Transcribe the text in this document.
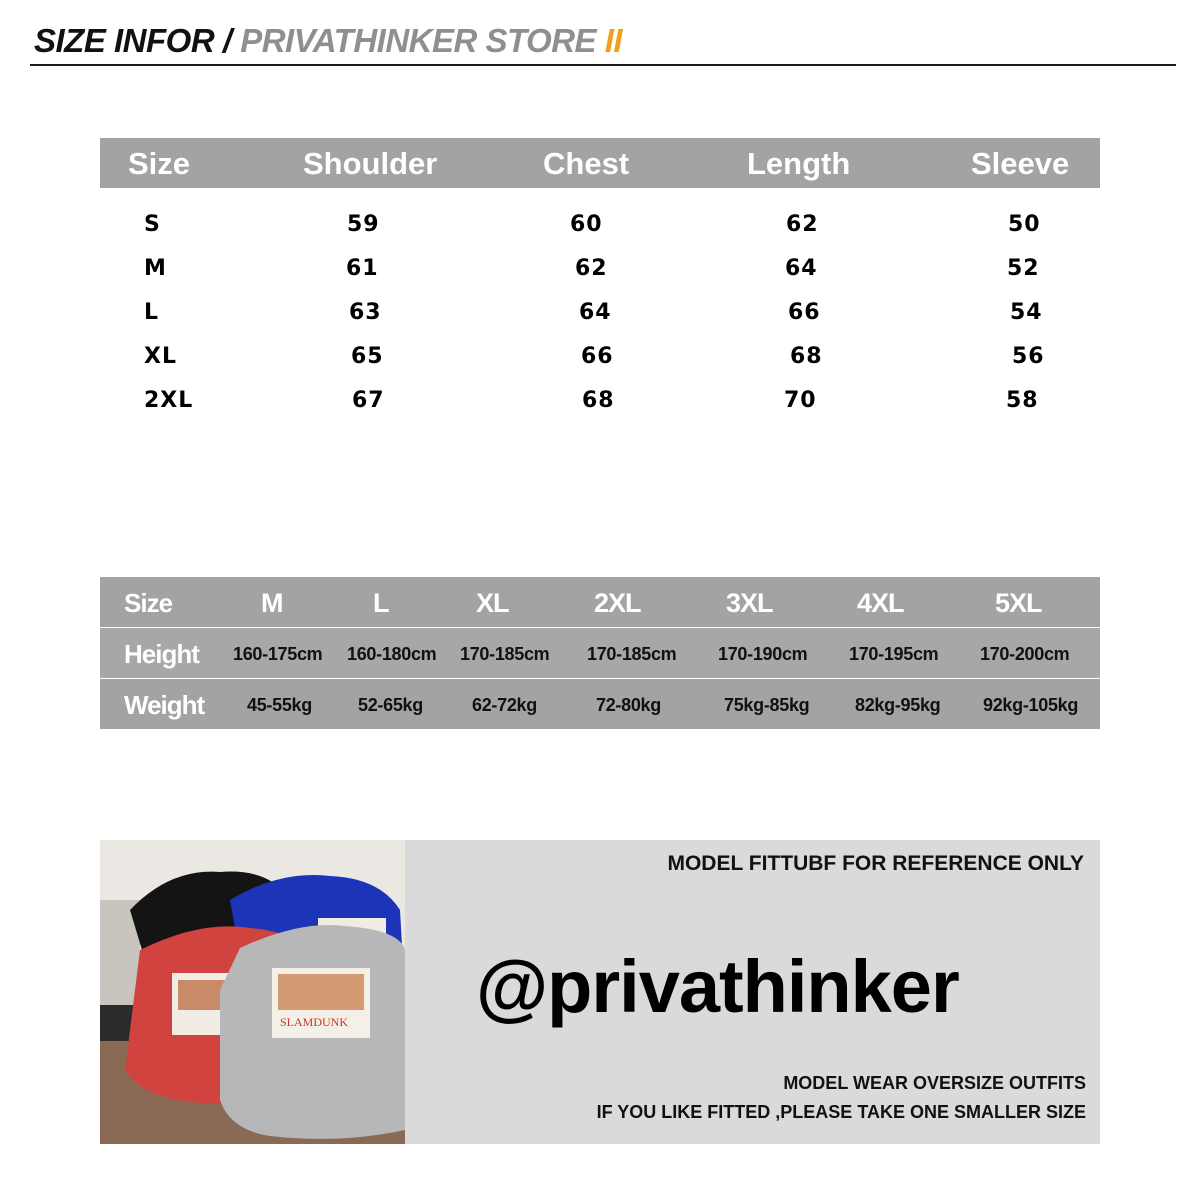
SIZE INFOR / PRIVATHINKER STORE II
Size	Shoulder	Chest	Length	Sleeve
S	59	60	62	50
M	61	62	64	52
L	63	64	66	54
XL	65	66	68	56
2XL	67	68	70	58
Size	M	L	XL	2XL	3XL	4XL	5XL
Height 160-175cm 160-180cm 170-185cm 170-185cm 170-190cm 170-195cm 170-200cm
Weight 45-55kg	52-65kg	62-72kg	72-80kg	75kg-85kg	82kg-95kg 92kg-105kg
SLAMDUNK
MODEL FITTUBF FOR REFERENCE ONLY
@privathinker
MODEL WEAR OVERSIZE OUTFITS
IF YOU LIKE FITTED ,PLEASE TAKE ONE SMALLER SIZE
